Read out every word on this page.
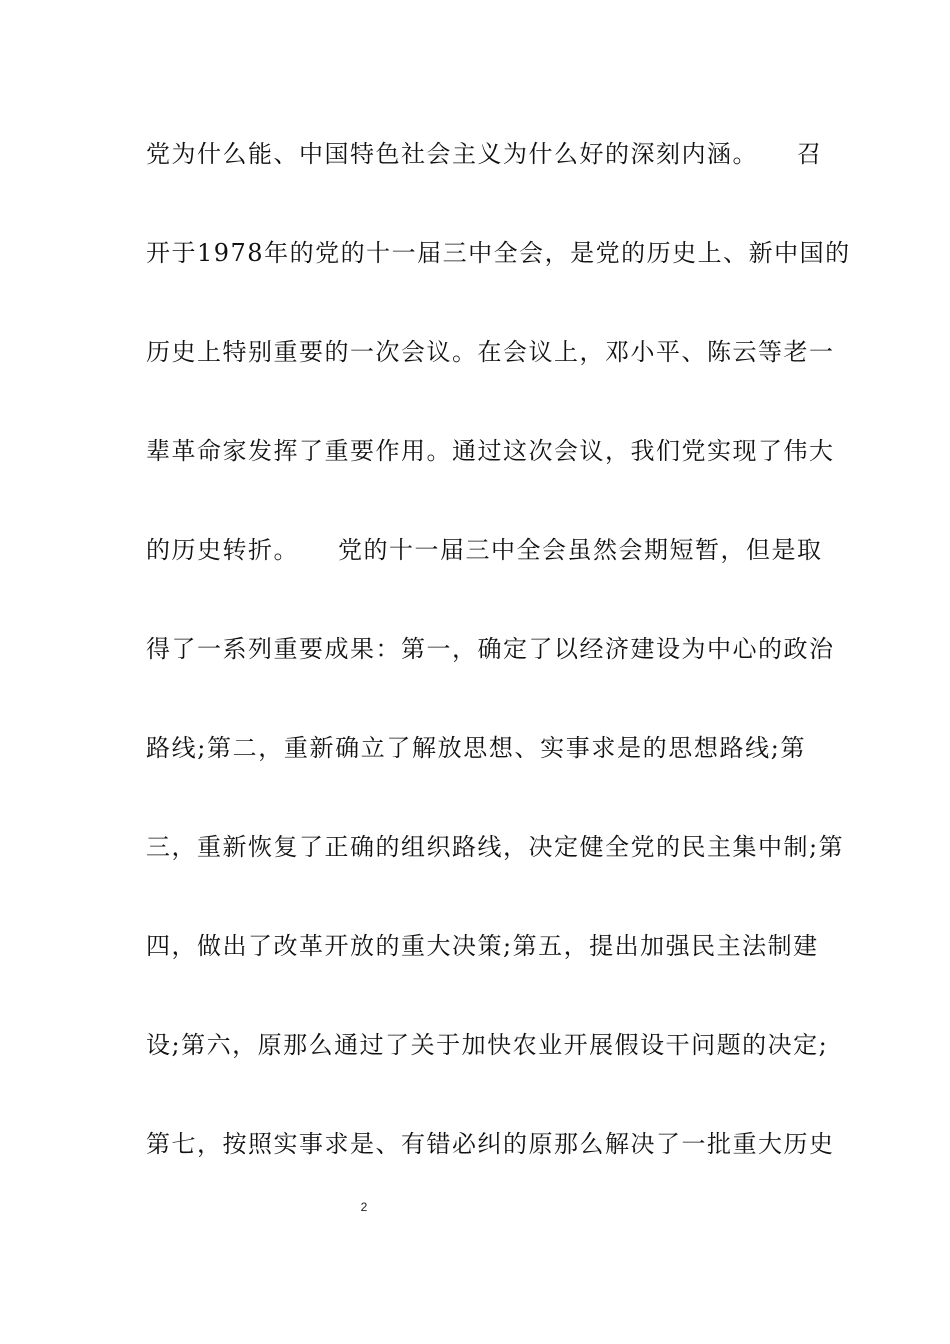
党为什么能、中国特色社会主义为什么好的深刻内涵。　　召
开于1978年的党的十一届三中全会，是党的历史上、新中国的
历史上特别重要的一次会议。在会议上，邓小平、陈云等老一
辈革命家发挥了重要作用。通过这次会议，我们党实现了伟大
的历史转折。　　党的十一届三中全会虽然会期短暂，但是取
得了一系列重要成果：第一，确定了以经济建设为中心的政治
路线;第二，重新确立了解放思想、实事求是的思想路线;第
三，重新恢复了正确的组织路线，决定健全党的民主集中制;第
四，做出了改革开放的重大决策;第五，提出加强民主法制建
设;第六，原那么通过了关于加快农业开展假设干问题的决定;
第七，按照实事求是、有错必纠的原那么解决了一批重大历史
2
